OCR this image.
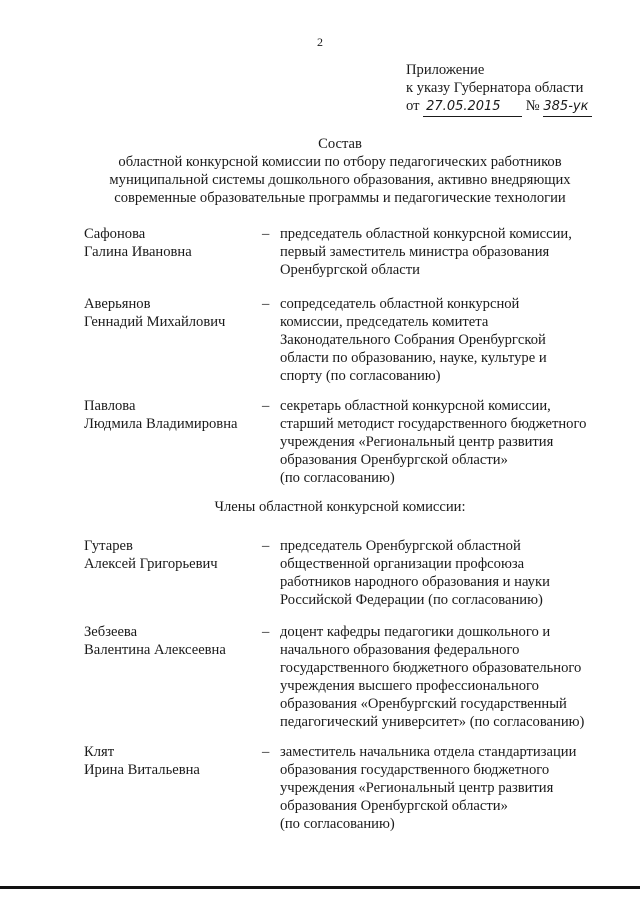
2
Приложение
к указу Губернатора области
от 27.05.2015 № 385-ук
Состав
областной конкурсной комиссии по отбору педагогических работников
муниципальной системы дошкольного образования, активно внедряющих
современные образовательные программы и педагогические технологии
Сафонова
Галина Ивановна
– председатель областной конкурсной комиссии,
первый заместитель министра образования
Оренбургской области
Аверьянов
Геннадий Михайлович
– сопредседатель областной конкурсной
комиссии, председатель комитета
Законодательного Собрания Оренбургской
области по образованию, науке, культуре и
спорту (по согласованию)
Павлова
Людмила Владимировна
– секретарь областной конкурсной комиссии,
старший методист государственного бюджетного
учреждения «Региональный центр развития
образования Оренбургской области»
(по согласованию)
Члены областной конкурсной комиссии:
Гутарев
Алексей Григорьевич
– председатель Оренбургской областной
общественной организации профсоюза
работников народного образования и науки
Российской Федерации (по согласованию)
Зебзеева
Валентина Алексеевна
– доцент кафедры педагогики дошкольного и
начального образования федерального
государственного бюджетного образовательного
учреждения высшего профессионального
образования «Оренбургский государственный
педагогический университет» (по согласованию)
Клят
Ирина Витальевна
– заместитель начальника отдела стандартизации
образования государственного бюджетного
учреждения «Региональный центр развития
образования Оренбургской области»
(по согласованию)
